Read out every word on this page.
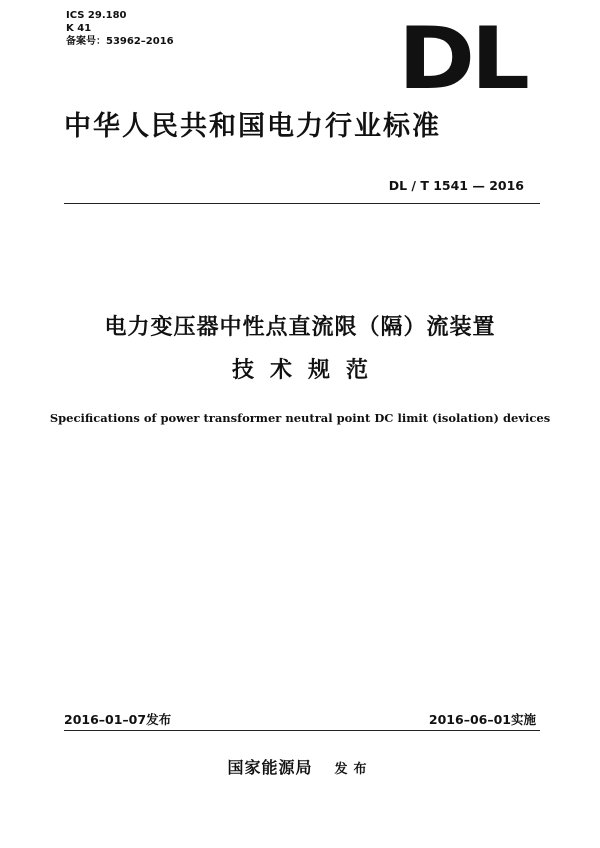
ICS 29.180
K 41
备案号：53962–2016	DL
中华人民共和国电力行业标准
DL / T 1541 — 2016
电力变压器中性点直流限（隔）流装置
技术规范
Specifications of power transformer neutral point DC limit (isolation) devices
2016–01–07发布	2016–06–01实施
国家能源局 发布
